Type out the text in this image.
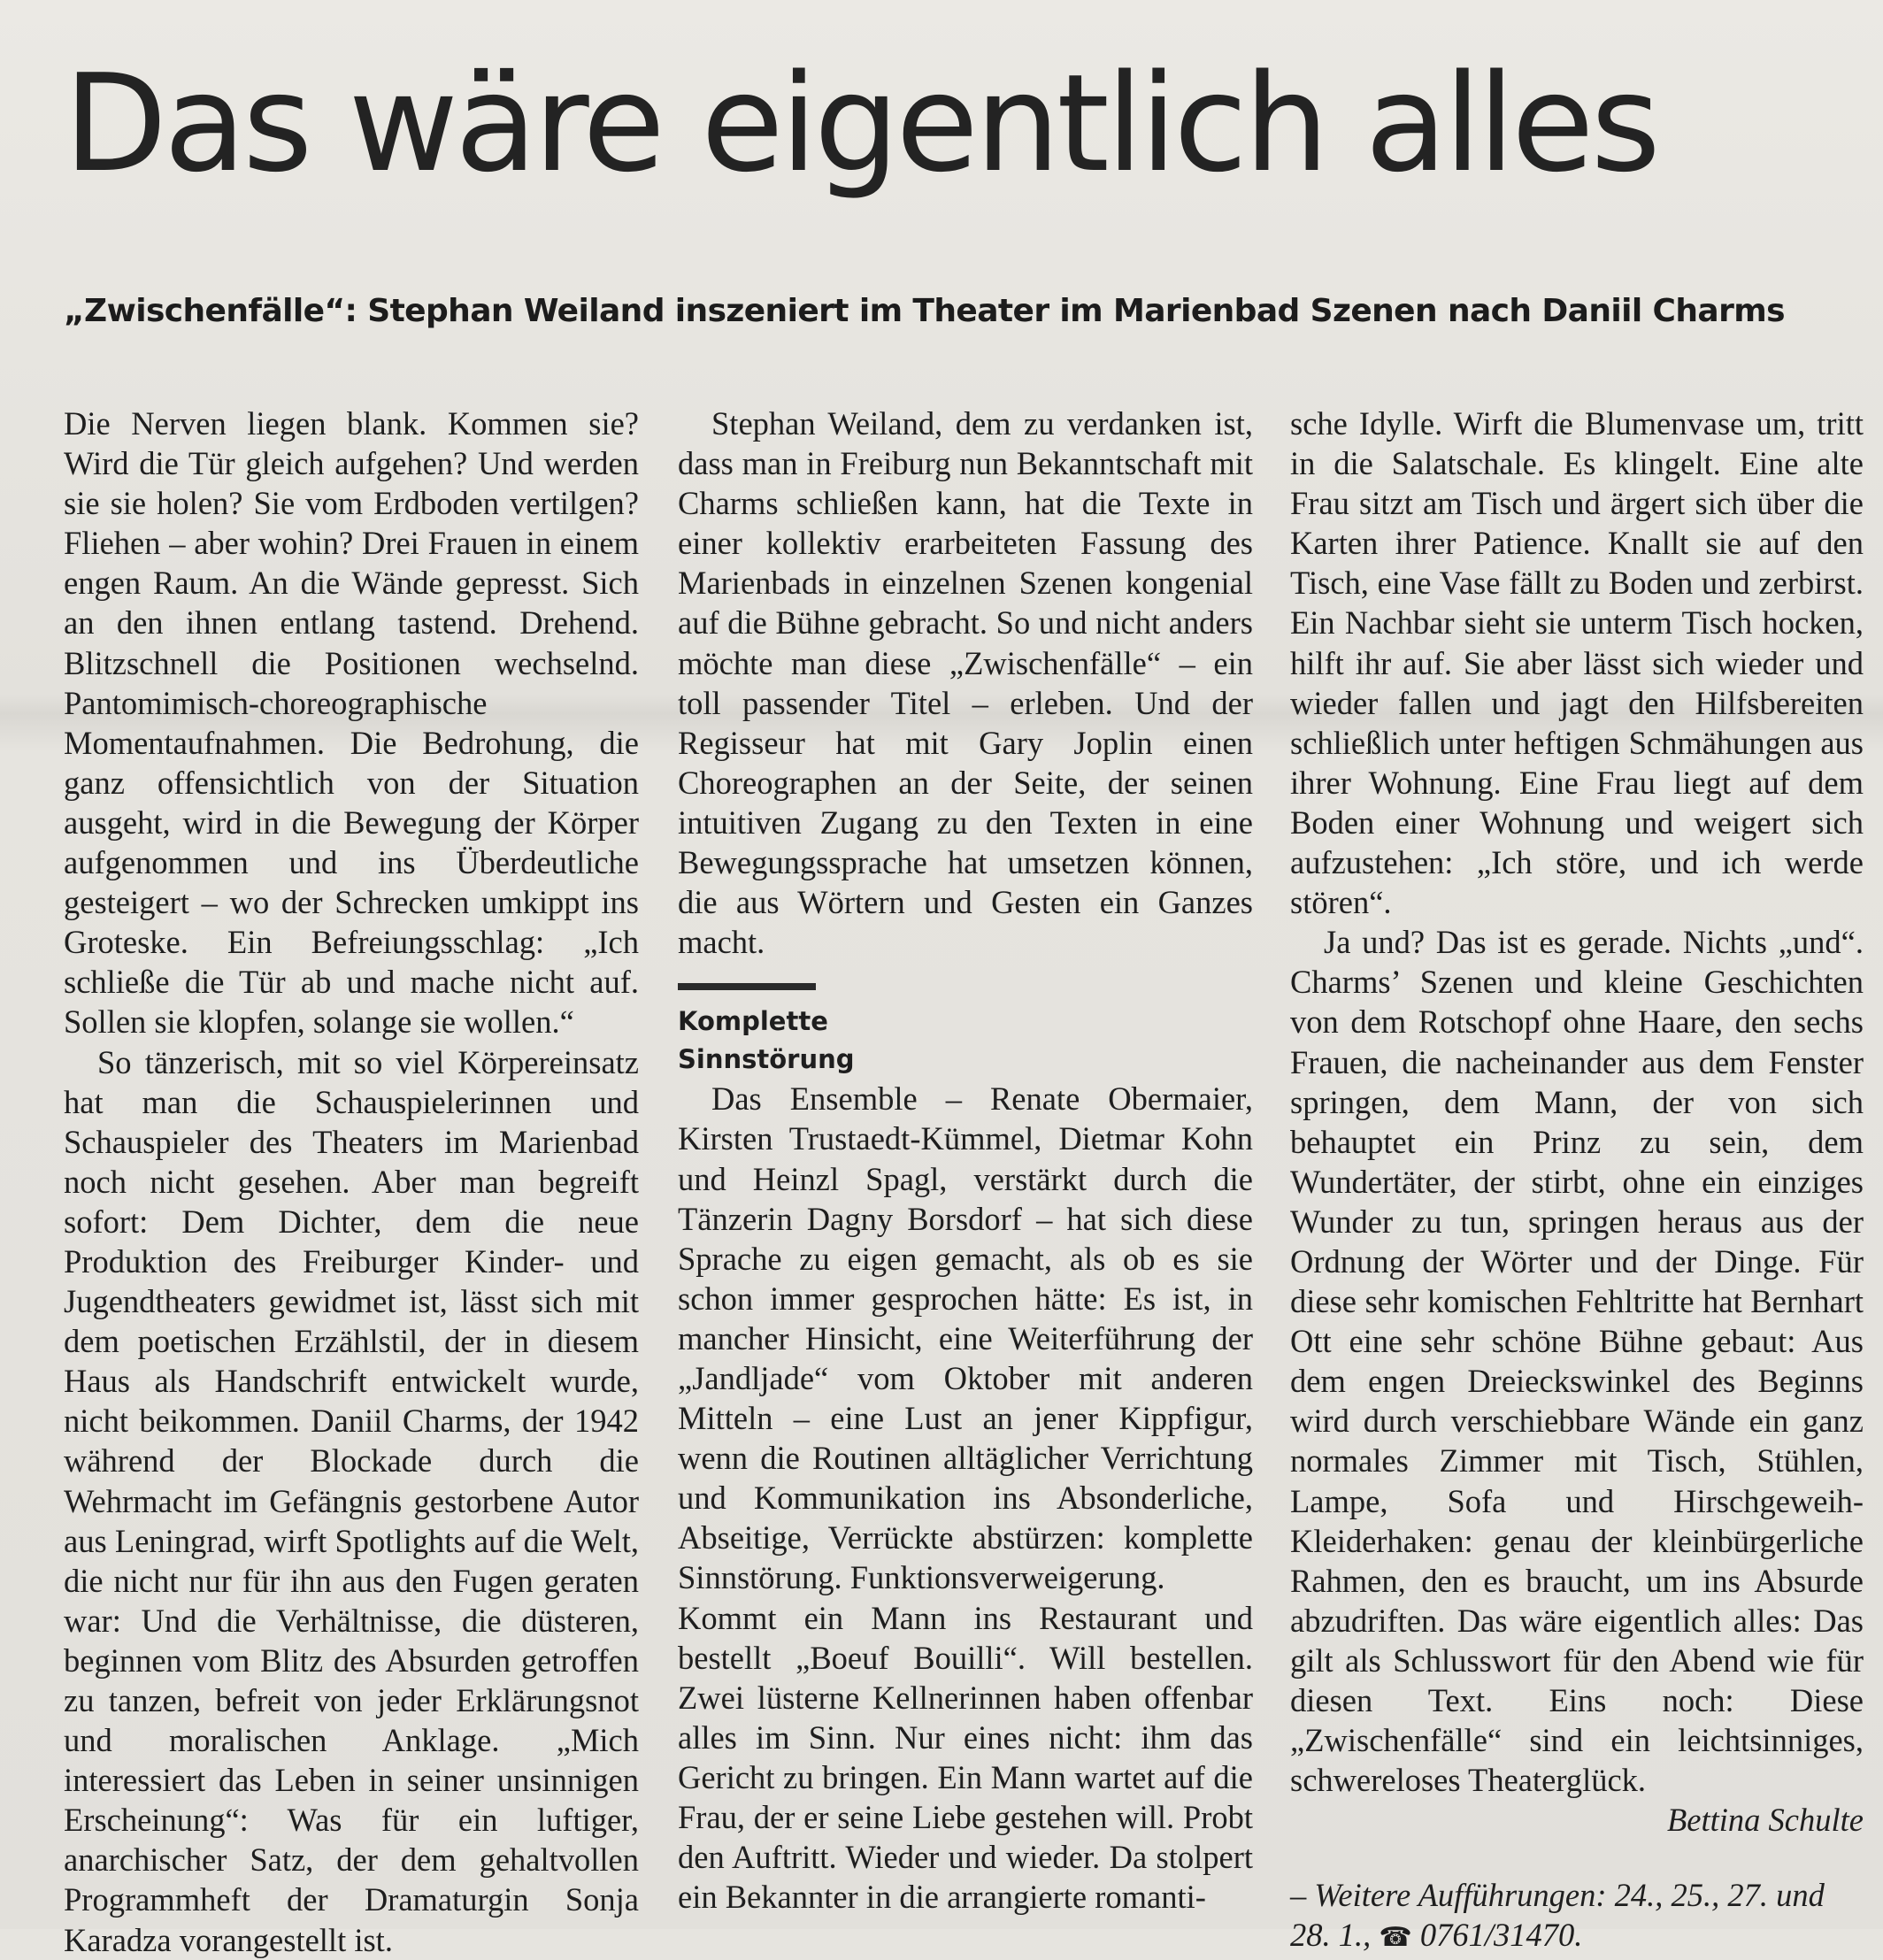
Das wäre eigentlich alles
„Zwischenfälle“: Stephan Weiland inszeniert im Theater im Marienbad Szenen nach Daniil Charms

Die Nerven liegen blank. Kommen sie? Wird die Tür gleich aufgehen? Und werden sie sie holen? Sie vom Erdboden vertilgen? Fliehen – aber wohin? Drei Frauen in einem engen Raum. An die Wände gepresst. Sich an den ihnen entlang tastend. Drehend. Blitzschnell die Positionen wechselnd. Pantomimisch-choreographische Momentaufnahmen. Die Bedrohung, die ganz offensichtlich von der Situation ausgeht, wird in die Bewegung der Körper aufgenommen und ins Überdeutliche gesteigert – wo der Schrecken umkippt ins Groteske. Ein Befreiungsschlag: „Ich schließe die Tür ab und mache nicht auf. Sollen sie klopfen, solange sie wollen.“

So tänzerisch, mit so viel Körpereinsatz hat man die Schauspielerinnen und Schauspieler des Theaters im Marienbad noch nicht gesehen. Aber man begreift sofort: Dem Dichter, dem die neue Produktion des Freiburger Kinder- und Jugendtheaters gewidmet ist, lässt sich mit dem poetischen Erzählstil, der in diesem Haus als Handschrift entwickelt wurde, nicht beikommen. Daniil Charms, der 1942 während der Blockade durch die Wehrmacht im Gefängnis gestorbene Autor aus Leningrad, wirft Spotlights auf die Welt, die nicht nur für ihn aus den Fugen geraten war: Und die Verhältnisse, die düsteren, beginnen vom Blitz des Absurden getroffen zu tanzen, befreit von jeder Erklärungsnot und moralischen Anklage. „Mich interessiert das Leben in seiner unsinnigen Erscheinung“: Was für ein luftiger, anarchischer Satz, der dem gehaltvollen Programmheft der Dramaturgin Sonja Karadza vorangestellt ist.

Stephan Weiland, dem zu verdanken ist, dass man in Freiburg nun Bekanntschaft mit Charms schließen kann, hat die Texte in einer kollektiv erarbeiteten Fassung des Marienbads in einzelnen Szenen kongenial auf die Bühne gebracht. So und nicht anders möchte man diese „Zwischenfälle“ – ein toll passender Titel – erleben. Und der Regisseur hat mit Gary Joplin einen Choreographen an der Seite, der seinen intuitiven Zugang zu den Texten in eine Bewegungssprache hat umsetzen können, die aus Wörtern und Gesten ein Ganzes macht.

Komplette
Sinnstörung

Das Ensemble – Renate Obermaier, Kirsten Trustaedt-Kümmel, Dietmar Kohn und Heinzl Spagl, verstärkt durch die Tänzerin Dagny Borsdorf – hat sich diese Sprache zu eigen gemacht, als ob es sie schon immer gesprochen hätte: Es ist, in mancher Hinsicht, eine Weiterführung der „Jandljade“ vom Oktober mit anderen Mitteln – eine Lust an jener Kippfigur, wenn die Routinen alltäglicher Verrichtung und Kommunikation ins Absonderliche, Abseitige, Verrückte abstürzen: komplette Sinnstörung. Funktionsverweigerung.

Kommt ein Mann ins Restaurant und bestellt „Boeuf Bouilli“. Will bestellen. Zwei lüsterne Kellnerinnen haben offenbar alles im Sinn. Nur eines nicht: ihm das Gericht zu bringen. Ein Mann wartet auf die Frau, der er seine Liebe gestehen will. Probt den Auftritt. Wieder und wieder. Da stolpert ein Bekannter in die arrangierte romanti-

sche Idylle. Wirft die Blumenvase um, tritt in die Salatschale. Es klingelt. Eine alte Frau sitzt am Tisch und ärgert sich über die Karten ihrer Patience. Knallt sie auf den Tisch, eine Vase fällt zu Boden und zerbirst. Ein Nachbar sieht sie unterm Tisch hocken, hilft ihr auf. Sie aber lässt sich wieder und wieder fallen und jagt den Hilfsbereiten schließlich unter heftigen Schmähungen aus ihrer Wohnung. Eine Frau liegt auf dem Boden einer Wohnung und weigert sich aufzustehen: „Ich störe, und ich werde stören“.

Ja und? Das ist es gerade. Nichts „und“. Charms’ Szenen und kleine Geschichten von dem Rotschopf ohne Haare, den sechs Frauen, die nacheinander aus dem Fenster springen, dem Mann, der von sich behauptet ein Prinz zu sein, dem Wundertäter, der stirbt, ohne ein einziges Wunder zu tun, springen heraus aus der Ordnung der Wörter und der Dinge. Für diese sehr komischen Fehltritte hat Bernhart Ott eine sehr schöne Bühne gebaut: Aus dem engen Dreieckswinkel des Beginns wird durch verschiebbare Wände ein ganz normales Zimmer mit Tisch, Stühlen, Lampe, Sofa und Hirschgeweih-Kleiderhaken: genau der kleinbürgerliche Rahmen, den es braucht, um ins Absurde abzudriften. Das wäre eigentlich alles: Das gilt als Schlusswort für den Abend wie für diesen Text. Eins noch: Diese „Zwischenfälle“ sind ein leichtsinniges, schwereloses Theaterglück.

Bettina Schulte

– Weitere Aufführungen: 24., 25., 27. und 28. 1., ☎ 0761/31470.
